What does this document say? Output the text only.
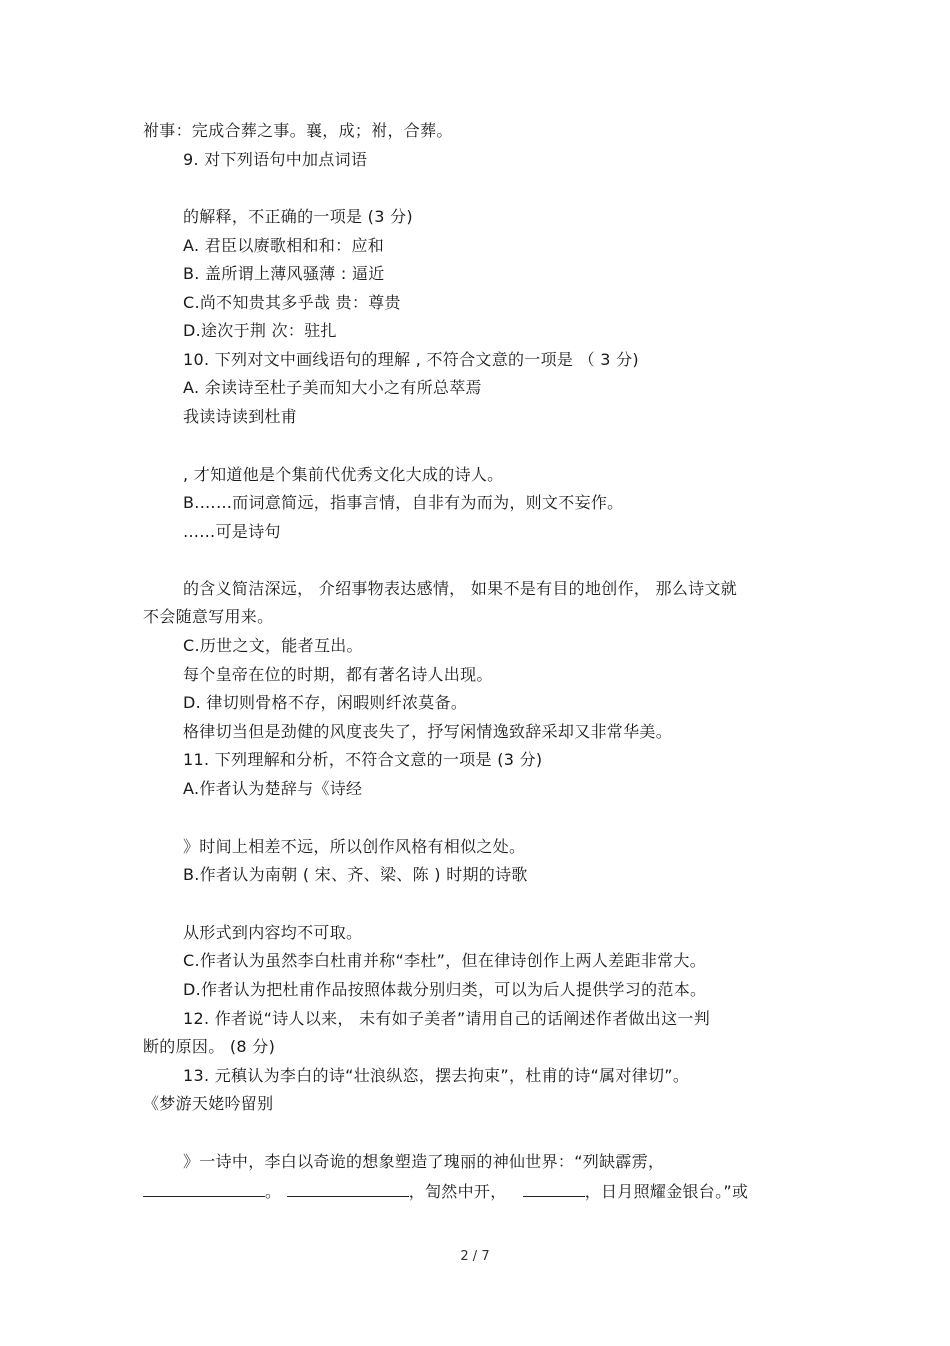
祔事：完成合葬之事。襄，成；祔，合葬。
9. 对下列语句中加点词语
的解释，不正确的一项是 (3 分)
A. 君臣以赓歌相和和：应和
B. 盖所谓上薄风骚薄 : 逼近
C.尚不知贵其多乎哉 贵：尊贵
D.途次于荆 次：驻扎
10. 下列对文中画线语句的理解 , 不符合文意的一项是 （ 3 分)
A. 余读诗至杜子美而知大小之有所总萃焉
我读诗读到杜甫
, 才知道他是个集前代优秀文化大成的诗人。
B.……而词意简远，指事言情，自非有为而为，则文不妄作。
……可是诗句
的含义简洁深远， 介绍事物表达感情， 如果不是有目的地创作， 那么诗文就
不会随意写用来。
C.历世之文，能者互出。
每个皇帝在位的时期，都有著名诗人出现。
D. 律切则骨格不存，闲暇则纤浓莫备。
格律切当但是劲健的风度丧失了，抒写闲情逸致辞采却又非常华美。
11. 下列理解和分析，不符合文意的一项是 (3 分)
A.作者认为楚辞与《诗经
》时间上相差不远，所以创作风格有相似之处。
B.作者认为南朝 ( 宋、齐、梁、陈 ) 时期的诗歌
从形式到内容均不可取。
C.作者认为虽然李白杜甫并称“李杜”，但在律诗创作上两人差距非常大。
D.作者认为把杜甫作品按照体裁分别归类，可以为后人提供学习的范本。
12. 作者说“诗人以来， 未有如子美者”请用自己的话阐述作者做出这一判
断的原因。 (8 分)
13. 元稹认为李白的诗“壮浪纵恣，摆去拘束”，杜甫的诗“属对律切”。
《梦游天姥吟留别
》一诗中，李白以奇诡的想象塑造了瑰丽的神仙世界：“列缺霹雳，
。	，訇然中开，	，日月照耀金银台。”或
2 / 7
